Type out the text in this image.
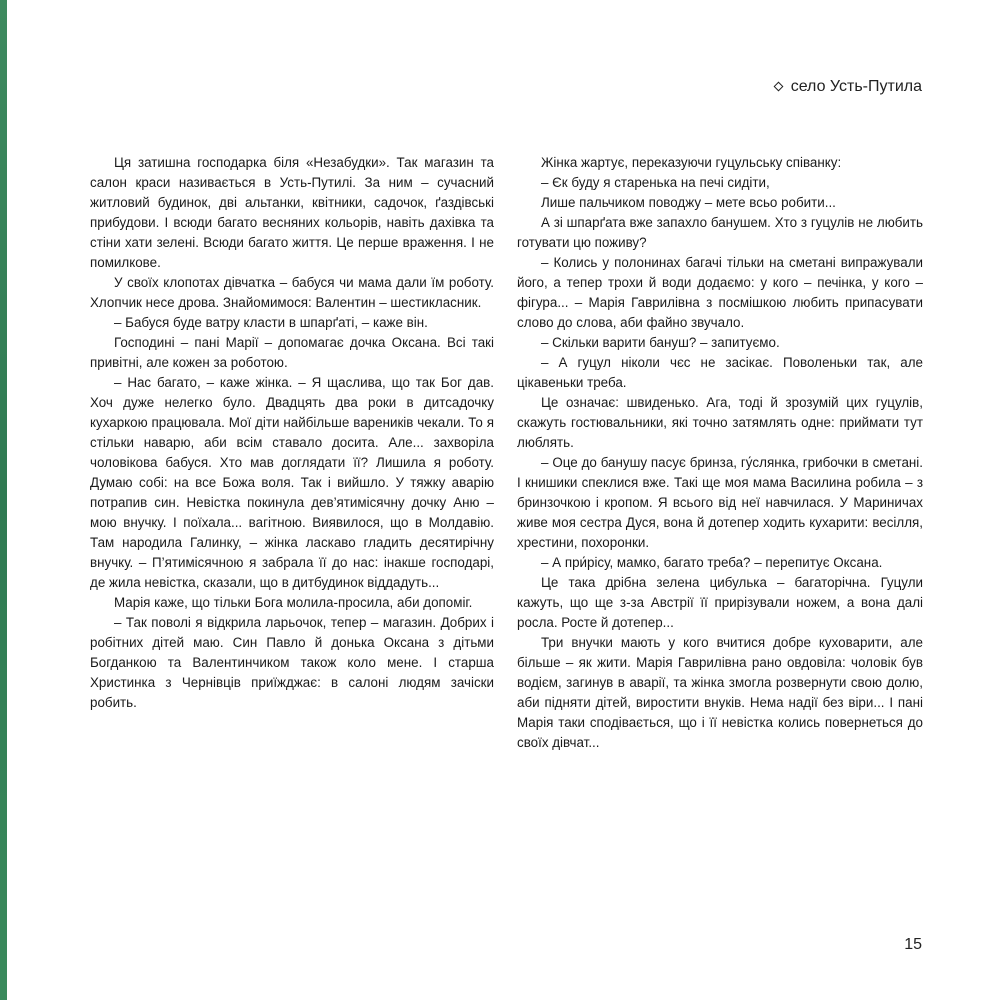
село Усть-Путила

Ця затишна господарка біля «Незабудки». Так магазин та салон краси називається в Усть-Путилі. За ним – сучасний житловий будинок, дві альтанки, квітники, садочок, ґаздівські прибудови. І всюди багато весняних кольорів, навіть дахівка та стіни хати зелені. Всюди багато життя. Це перше враження. І не помилкове.

У своїх клопотах дівчатка – бабуся чи мама дали їм роботу. Хлопчик несе дрова. Знайомимося: Валентин – шестикласник.

– Бабуся буде ватру класти в шпарґаті, – каже він.

Господині – пані Марії – допомагає дочка Оксана. Всі такі привітні, але кожен за роботою.

– Нас багато, – каже жінка. – Я щаслива, що так Бог дав. Хоч дуже нелегко було. Двадцять два роки в дитсадочку кухаркою працювала. Мої діти найбільше вареників чекали. То я стільки наварю, аби всім ставало досита. Але... захворіла чоловікова бабуся. Хто мав доглядати її? Лишила я роботу. Думаю собі: на все Божа воля. Так і вийшло. У тяжку аварію потрапив син. Невістка покинула дев’ятимісячну дочку Аню – мою внучку. І поїхала... вагітною. Виявилося, що в Молдавію. Там народила Галинку, – жінка ласкаво гладить десятирічну внучку. – П’ятимісячною я забрала її до нас: інакше господарі, де жила невістка, сказали, що в дитбудинок віддадуть...

Марія каже, що тільки Бога молила-просила, аби допоміг.

– Так поволі я відкрила ларьочок, тепер – магазин. Добрих і робітних дітей маю. Син Павло й донька Оксана з дітьми Богданкою та Валентинчиком також коло мене. І старша Христинка з Чернівців приїжджає: в салоні людям зачіски робить.

Жінка жартує, переказуючи гуцульську співанку:

– Єк буду я старенька на печі сидіти,

Лише пальчиком поводжу – мете всьо робити...

А зі шпарґата вже запахло банушем. Хто з гуцулів не любить готувати цю поживу?

– Колись у полонинах багачі тільки на сметані випражували його, а тепер трохи й води додаємо: у кого – печінка, у кого – фігура... – Марія Гаврилівна з посмішкою любить припасувати слово до слова, аби файно звучало.

– Скільки варити бануш? – запитуємо.

– А гуцул ніколи чєс не засікає. Поволеньки так, але цікавеньки треба.

Це означає: швиденько. Ага, тоді й зрозумій цих гуцулів, скажуть гостювальники, які точно затямлять одне: приймати тут люблять.

– Оце до банушу пасує бринза, гу́слянка, грибочки в сметані. І книшики спеклися вже. Такі ще моя мама Василина робила – з бринзочкою і кропом. Я всього від неї навчилася. У Мариничах живе моя сестра Дуся, вона й дотепер ходить кухарити: весілля, хрестини, похоронки.

– А при́рісу, мамко, багато треба? – перепитує Оксана.

Це така дрібна зелена цибулька – багаторічна. Гуцули кажуть, що ще з-за Австрії її прирізували ножем, а вона далі росла. Росте й дотепер...

Три внучки мають у кого вчитися добре куховарити, але більше – як жити. Марія Гаврилівна рано овдовіла: чоловік був водієм, загинув в аварії, та жінка змогла розвернути свою долю, аби підняти дітей, виростити внуків. Нема надії без віри... І пані Марія таки сподівається, що і її невістка колись повернеться до своїх дівчат...

15
